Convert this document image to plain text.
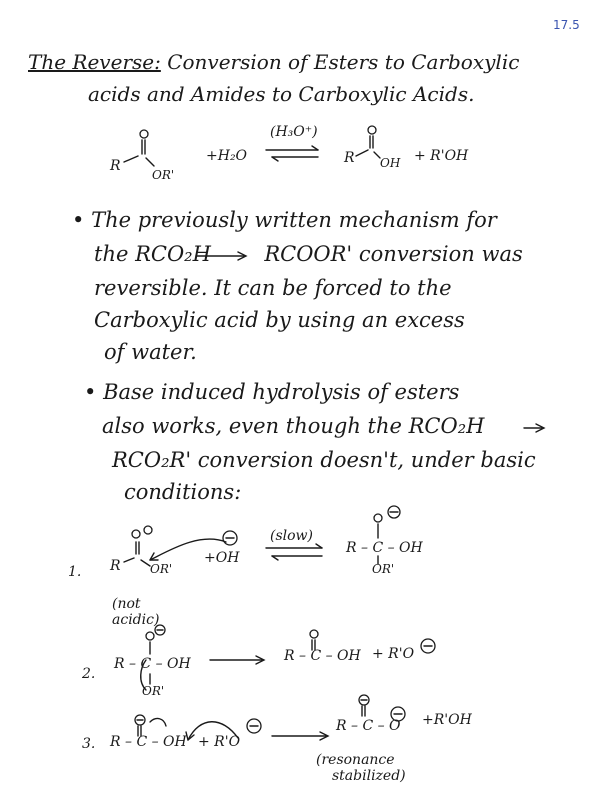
17.5
The Reverse: Conversion of Esters to Carboxylic
acids and Amides to Carboxylic Acids.
R
OR'
+H₂O
(H₃O⁺)
R OH + R'OH
• The previously written mechanism for
the RCO₂H	RCOOR' conversion was
reversible. It can be forced to the
Carboxylic acid by using an excess
of water.
• Base induced hydrolysis of esters
also works, even though the RCO₂H
RCO₂R' conversion doesn't, under basic
conditions:
1. R OR'
+OH
(slow)
R – C – OH
OR'
(not
acidic)
2.
R – C – OH
OR'
R – C – OH + R'O
3. R – C – OH + R'O
R – C – O +R'OH
(resonance
stabilized)
